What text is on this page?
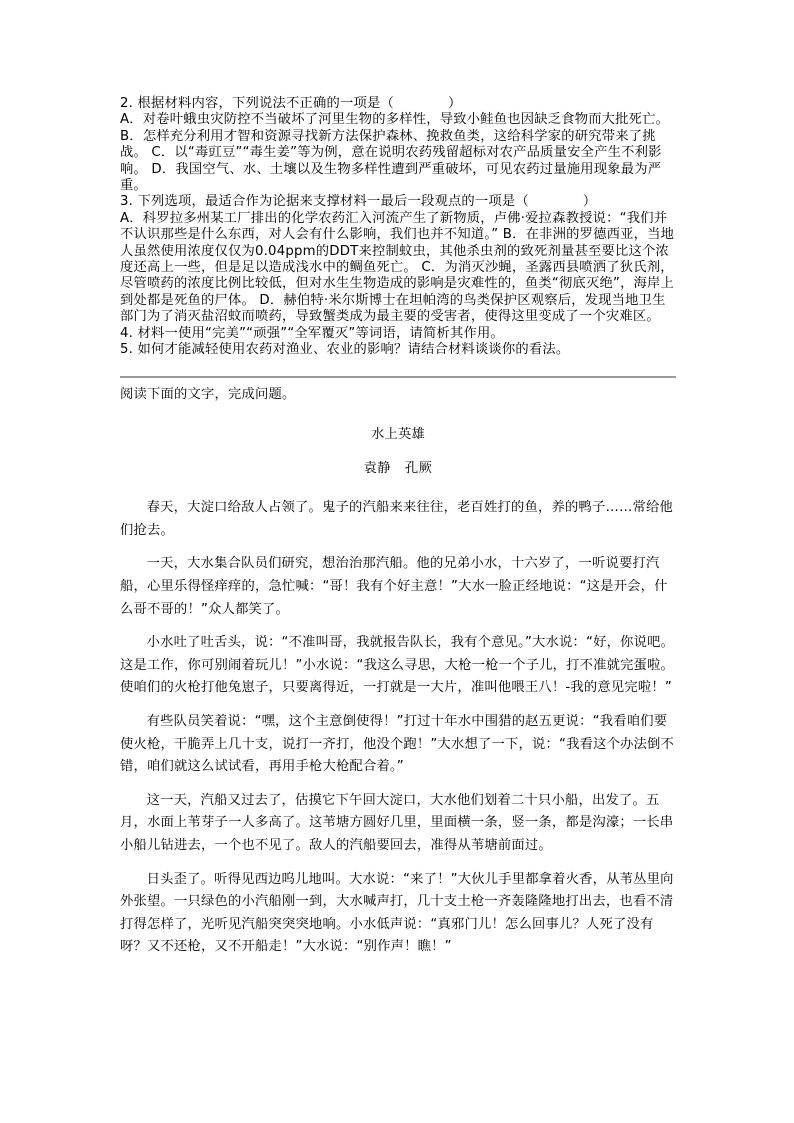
2. 根据材料内容，下列说法不正确的一项是（　　　　）

A．对卷叶蛾虫灾防控不当破坏了河里生物的多样性，导致小鲑鱼也因缺乏食物而大批死亡。 B．怎样充分利用才智和资源寻找新方法保护森林、挽救鱼类，这给科学家的研究带来了挑战。 C．以“毒豇豆”“毒生姜”等为例，意在说明农药残留超标对农产品质量安全产生不利影响。 D．我国空气、水、土壤以及生物多样性遭到严重破坏，可见农药过量施用现象最为严重。

3. 下列选项，最适合作为论据来支撑材料一最后一段观点的一项是（　　　　）

A．科罗拉多州某工厂排出的化学农药汇入河流产生了新物质，卢佛·爱拉森教授说：“我们并不认识那些是什么东西，对人会有什么影响，我们也并不知道。” B．在非洲的罗德西亚，当地人虽然使用浓度仅仅为0.04ppm的DDT来控制蚊虫，其他杀虫剂的致死剂量甚至要比这个浓度还高上一些，但是足以造成浅水中的鲷鱼死亡。 C．为消灭沙蝇，圣露西县喷洒了狄氏剂，尽管喷药的浓度比例比较低，但对水生生物造成的影响是灾难性的，鱼类“彻底灭绝”，海岸上到处都是死鱼的尸体。 D．赫伯特·米尔斯博士在坦帕湾的鸟类保护区观察后，发现当地卫生部门为了消灭盐沼蚊而喷药，导致蟹类成为最主要的受害者，使得这里变成了一个灾难区。

4. 材料一使用“完美”“顽强”“全军覆灭”等词语，请简析其作用。

5. 如何才能减轻使用农药对渔业、农业的影响？请结合材料谈谈你的看法。

阅读下面的文字，完成问题。

水上英雄

袁静　孔厥

春天，大淀口给敌人占领了。鬼子的汽船来来往往，老百姓打的鱼，养的鸭子……常给他们抢去。

一天，大水集合队员们研究，想治治那汽船。他的兄弟小水，十六岁了，一听说要打汽船，心里乐得怪痒痒的，急忙喊：“哥！我有个好主意！”大水一脸正经地说：“这是开会，什么哥不哥的！”众人都笑了。

小水吐了吐舌头，说：“不准叫哥，我就报告队长，我有个意见。”大水说：“好，你说吧。这是工作，你可别闹着玩儿！”小水说：“我这么寻思，大枪一枪一个子儿，打不准就完蛋啦。使咱们的火枪打他兔崽子，只要离得近，一打就是一大片，准叫他喂王八！-我的意见完啦！”

有些队员笑着说：“嘿，这个主意倒使得！”打过十年水中围猎的赵五更说：“我看咱们要使火枪，干脆弄上几十支，说打一齐打，他没个跑！”大水想了一下，说：“我看这个办法倒不错，咱们就这么试试看，再用手枪大枪配合着。”

这一天，汽船又过去了，估摸它下午回大淀口，大水他们划着二十只小船，出发了。五月，水面上苇芽子一人多高了。这苇塘方圆好几里，里面横一条，竖一条，都是沟濠；一长串小船儿钻进去，一个也不见了。敌人的汽船要回去，准得从苇塘前面过。

日头歪了。听得见西边呜儿地叫。大水说：“来了！”大伙儿手里都拿着火香，从苇丛里向外张望。一只绿色的小汽船刚一到，大水喊声打，几十支土枪一齐轰隆隆地打出去，也看不清打得怎样了，光听见汽船突突突地响。小水低声说：“真邪门儿！怎么回事儿？人死了没有呀？又不还枪，又不开船走！”大水说：“别作声！瞧！”
